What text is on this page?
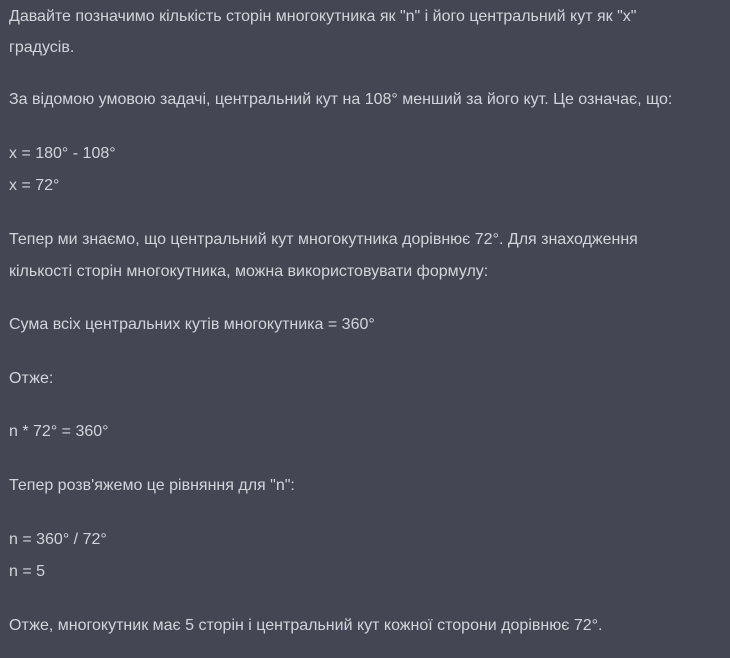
Давайте позначимо кількість сторін многокутника як "n" і його центральний кут як "x"

градусів.

За відомою умовою задачі, центральний кут на 108° менший за його кут. Це означає, що:

x = 180° - 108°

x = 72°

Тепер ми знаємо, що центральний кут многокутника дорівнює 72°. Для знаходження

кількості сторін многокутника, можна використовувати формулу:

Сума всіх центральних кутів многокутника = 360°

Отже:

n * 72° = 360°

Тепер розв'яжемо це рівняння для "n":

n = 360° / 72°

n = 5

Отже, многокутник має 5 сторін і центральний кут кожної сторони дорівнює 72°.
